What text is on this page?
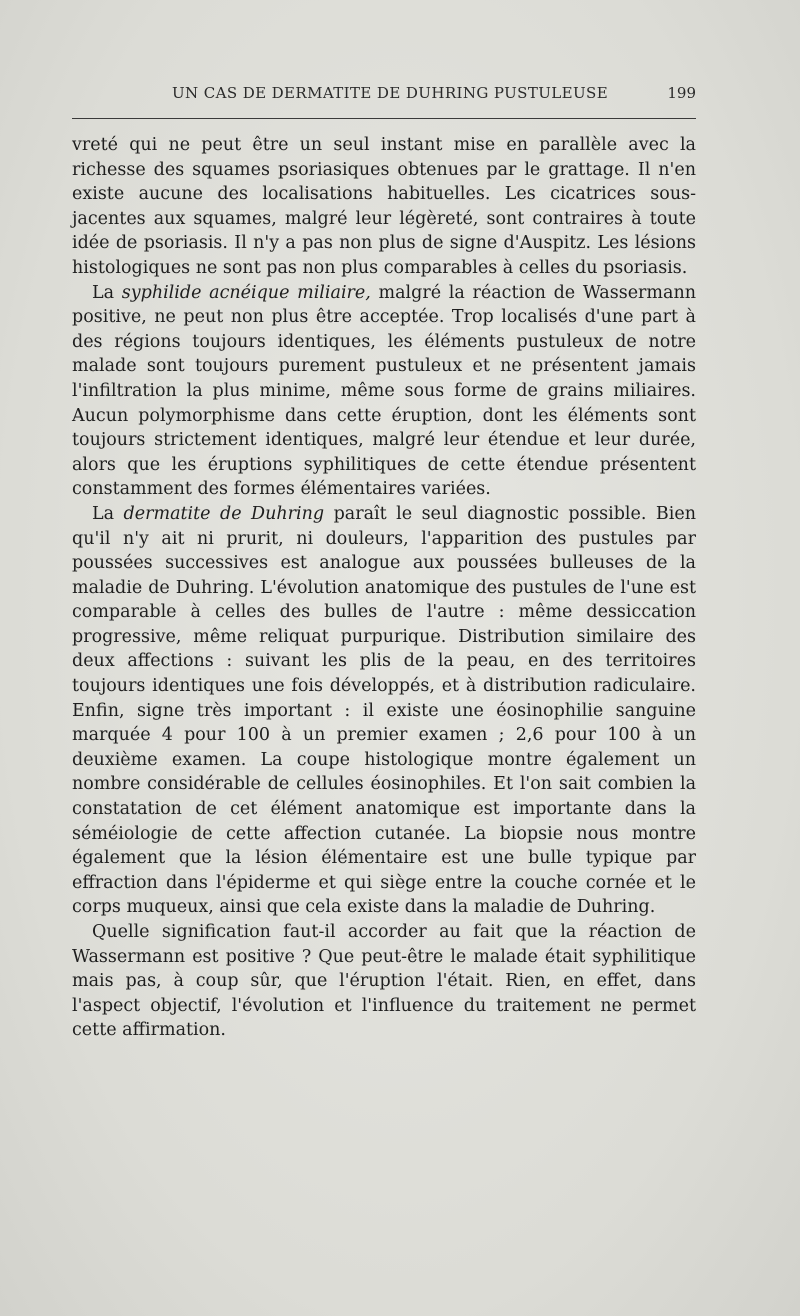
UN CAS DE DERMATITE DE DUHRING PUSTULEUSE	199

vreté qui ne peut être un seul instant mise en parallèle avec la richesse des squames psoriasiques obtenues par le grattage. Il n'en existe aucune des localisations habituelles. Les cicatrices sous-jacentes aux squames, malgré leur légèreté, sont contraires à toute idée de psoriasis. Il n'y a pas non plus de signe d'Auspitz. Les lésions histologiques ne sont pas non plus comparables à celles du psoriasis.

La syphilide acnéique miliaire, malgré la réaction de Wassermann positive, ne peut non plus être acceptée. Trop localisés d'une part à des régions toujours identiques, les éléments pustuleux de notre malade sont toujours purement pustuleux et ne présentent jamais l'infiltration la plus minime, même sous forme de grains miliaires. Aucun polymorphisme dans cette éruption, dont les éléments sont toujours strictement identiques, malgré leur étendue et leur durée, alors que les éruptions syphilitiques de cette étendue présentent constamment des formes élémentaires variées.

La dermatite de Duhring paraît le seul diagnostic possible. Bien qu'il n'y ait ni prurit, ni douleurs, l'apparition des pustules par poussées successives est analogue aux poussées bulleuses de la maladie de Duhring. L'évolution anatomique des pustules de l'une est comparable à celles des bulles de l'autre : même dessiccation progressive, même reliquat purpurique. Distribution similaire des deux affections : suivant les plis de la peau, en des territoires toujours identiques une fois développés, et à distribution radiculaire. Enfin, signe très important : il existe une éosinophilie sanguine marquée 4 pour 100 à un premier examen ; 2,6 pour 100 à un deuxième examen. La coupe histologique montre également un nombre considérable de cellules éosinophiles. Et l'on sait combien la constatation de cet élément anatomique est importante dans la séméiologie de cette affection cutanée. La biopsie nous montre également que la lésion élémentaire est une bulle typique par effraction dans l'épiderme et qui siège entre la couche cornée et le corps muqueux, ainsi que cela existe dans la maladie de Duhring.

Quelle signification faut-il accorder au fait que la réaction de Wassermann est positive ? Que peut-être le malade était syphilitique mais pas, à coup sûr, que l'éruption l'était. Rien, en effet, dans l'aspect objectif, l'évolution et l'influence du traitement ne permet cette affirmation.
